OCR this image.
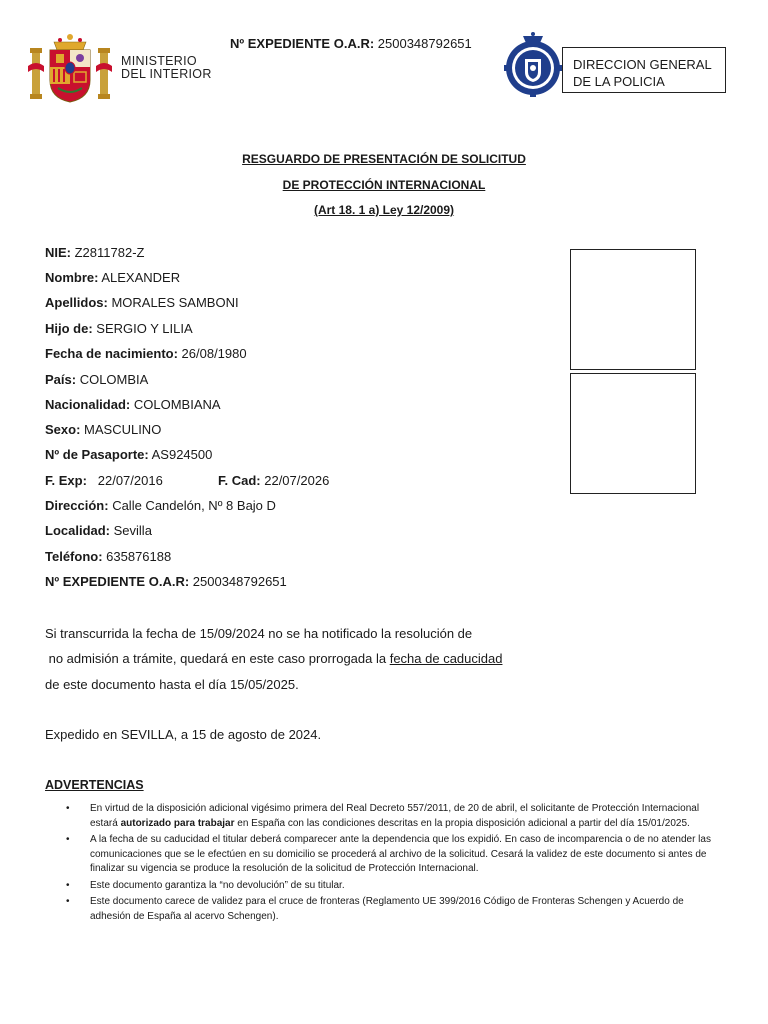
MINISTERIO
DEL INTERIOR
Nº EXPEDIENTE O.A.R: 2500348792651
DIRECCION GENERAL
DE LA POLICIA
RESGUARDO DE PRESENTACIÓN DE SOLICITUD
DE PROTECCIÓN INTERNACIONAL
(Art 18. 1 a) Ley 12/2009)
NIE: Z2811782-Z
Nombre: ALEXANDER
Apellidos: MORALES SAMBONI
Hijo de: SERGIO Y LILIA
Fecha de nacimiento: 26/08/1980
País: COLOMBIA
Nacionalidad: COLOMBIANA
Sexo: MASCULINO
Nº de Pasaporte: AS924500
F. Exp:   22/07/2016	F. Cad: 22/07/2026
Dirección: Calle Candelón, Nº 8 Bajo D
Localidad: Sevilla
Teléfono: 635876188
Nº EXPEDIENTE O.A.R: 2500348792651
Si transcurrida la fecha de 15/09/2024 no se ha notificado la resolución de
no admisión a trámite, quedará en este caso prorrogada la fecha de caducidad
de este documento hasta el día 15/05/2025.
Expedido en SEVILLA, a 15 de agosto de 2024.
ADVERTENCIAS
• En virtud de la disposición adicional vigésimo primera del Real Decreto 557/2011, de 20 de abril, el solicitante de Protección Internacional estará autorizado para trabajar en España con las condiciones descritas en la propia disposición adicional a partir del día 15/01/2025.
• A la fecha de su caducidad el titular deberá comparecer ante la dependencia que los expidió. En caso de incomparencia o de no atender las comunicaciones que se le efectúen en su domicilio se procederá al archivo de la solicitud. Cesará la validez de este documento si antes de finalizar su vigencia se produce la resolución de la solicitud de Protección Internacional.
• Este documento garantiza la “no devolución” de su titular.
• Este documento carece de validez para el cruce de fronteras (Reglamento UE 399/2016 Código de Fronteras Schengen y Acuerdo de adhesión de España al acervo Schengen).
